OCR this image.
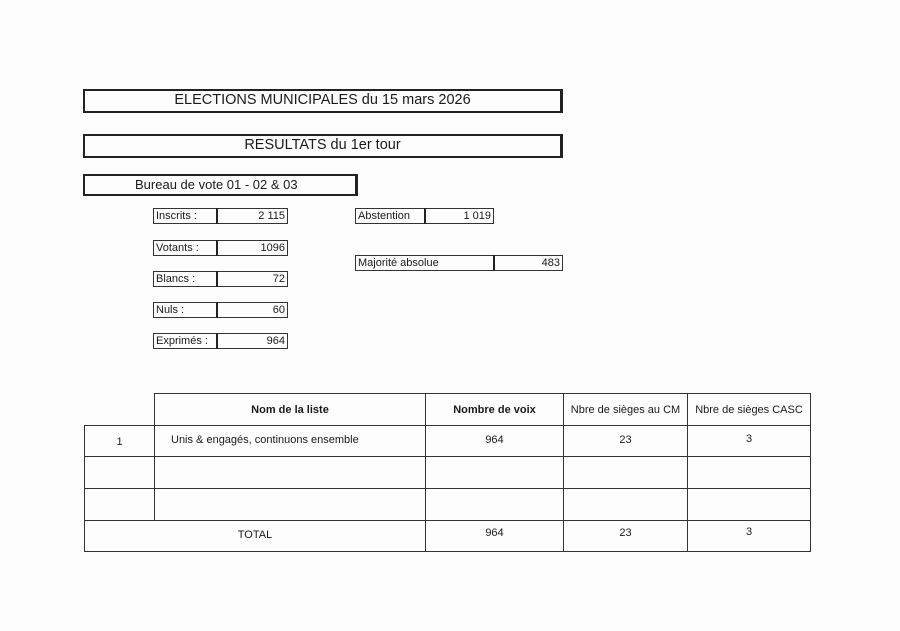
ELECTIONS MUNICIPALES du 15 mars 2026
RESULTATS du 1er tour
Bureau de vote 01 - 02 & 03
Inscrits :	2 115
Votants :	1096
Blancs :	72
Nuls :	60
Exprimés :	964
Abstention	1 019
Majorité absolue	483
	Nom de la liste	Nombre de voix	Nbre de sièges au CM	Nbre de sièges CASC
1	Unis & engagés, continuons ensemble	964	23	3

TOTAL		964	23	3
